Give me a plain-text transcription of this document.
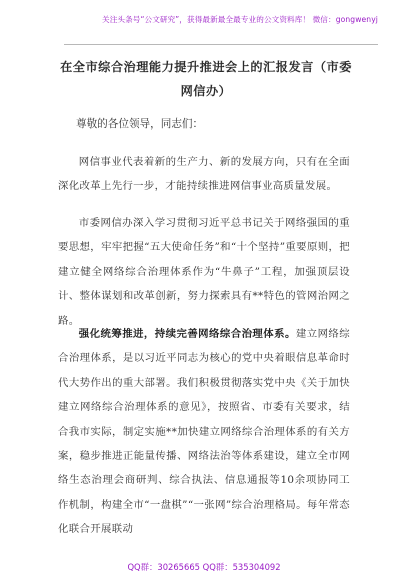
关注头条号“公文研究”，获得最新最全最专业的公文资料库！ 微信：gongwenyj
在全市综合治理能力提升推进会上的汇报发言（市委网信办）
尊敬的各位领导，同志们：

网信事业代表着新的生产力、新的发展方向，只有在全面深化改革上先行一步，才能持续推进网信事业高质量发展。

市委网信办深入学习贯彻习近平总书记关于网络强国的重要思想，牢牢把握“五大使命任务”和“十个坚持”重要原则，把建立健全网络综合治理体系作为“牛鼻子”工程，加强顶层设计、整体谋划和改革创新，努力探索具有**特色的管网治网之路。

强化统筹推进，持续完善网络综合治理体系。建立网络综合治理体系，是以习近平同志为核心的党中央着眼信息革命时代大势作出的重大部署。我们积极贯彻落实党中央《关于加快建立网络综合治理体系的意见》，按照省、市委有关要求，结合我市实际，制定实施**加快建立网络综合治理体系的有关方案，稳步推进正能量传播、网络法治等体系建设，建立全市网络生态治理会商研判、综合执法、信息通报等10余项协同工作机制，构建全市“一盘棋”“一张网”综合治理格局。每年常态化联合开展联动

QQ群：30265665 QQ群：535304092
